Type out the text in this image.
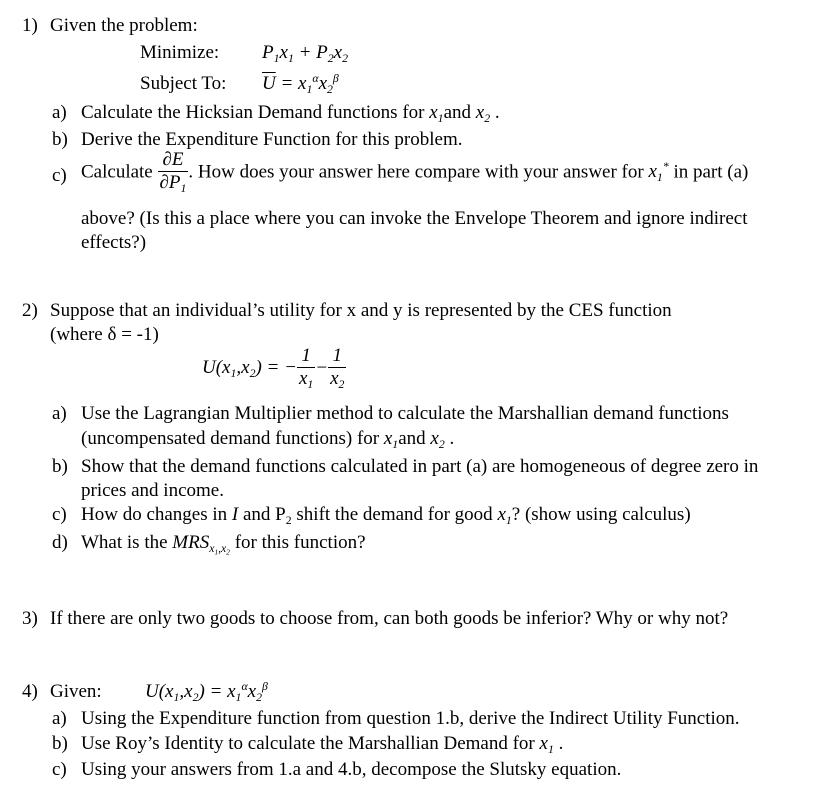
1) Given the problem:
Minimize: $P_1x_1 + P_2x_2$
Subject To: $\overline{U} = x_1^\alpha x_2^\beta$
a) Calculate the Hicksian Demand functions for $x_1and$ $x_2$ .
b) Derive the Expenditure Function for this problem.
c) Calculate $\frac{\partial E}{\partial P_1}$ . How does your answer here compare with your answer for $x_1^*$ in part (a)
above? (Is this a place where you can invoke the Envelope Theorem and ignore indirect
effects?)
2) Suppose that an individual’s utility for x and y is represented by the CES function
(where δ = -1)
$U(x_1,x_2)$ = − $\frac{1}{x_1} - \frac{1}{x_2}$
a) Use the Lagrangian Multiplier method to calculate the Marshallian demand functions
(uncompensated demand functions) for $x_1and$ $x_2$ .
b) Show that the demand functions calculated in part (a) are homogeneous of degree zero in
prices and income.
c) How do changes in I and $P_2$ shift the demand for good $x_1$? (show using calculus)
d) What is the $MRS_{x_1,x_2}$ for this function?
3) If there are only two goods to choose from, can both goods be inferior? Why or why not?
4) Given: $U(x_1,x_2) = x_1^\alpha x_2^\beta$
a) Using the Expenditure function from question 1.b, derive the Indirect Utility Function.
b) Use Roy’s Identity to calculate the Marshallian Demand for $x_1$ .
c) Using your answers from 1.a and 4.b, decompose the Slutsky equation.
